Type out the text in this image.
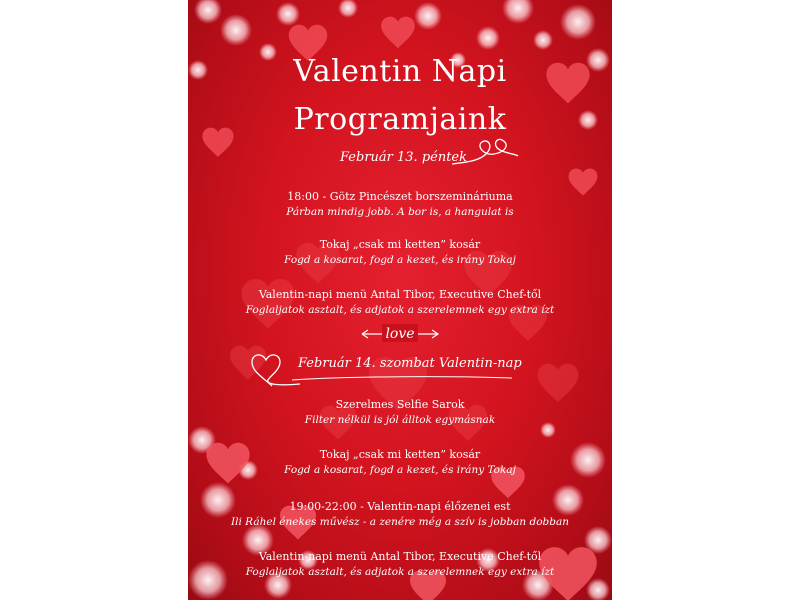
Valentin Napi
Programjaink
Február 13. péntek
18:00 - Götz Pincészet borszemináriuma
Párban mindig jobb. A bor is, a hangulat is
Tokaj „csak mi ketten” kosár
Fogd a kosarat, fogd a kezet, és irány Tokaj
Valentin-napi menü Antal Tibor, Executive Chef-től
Foglaljatok asztalt, és adjatok a szerelemnek egy extra ízt
love
Február 14. szombat Valentin-nap
Szerelmes Selfie Sarok
Filter nélkül is jól álltok egymásnak
Tokaj „csak mi ketten” kosár
Fogd a kosarat, fogd a kezet, és irány Tokaj
19:00-22:00 - Valentin-napi élőzenei est
Ili Ráhel énekes művész - a zenére még a szív is jobban dobban
Valentin-napi menü Antal Tibor, Executive Chef-től
Foglaljatok asztalt, és adjatok a szerelemnek egy extra ízt
